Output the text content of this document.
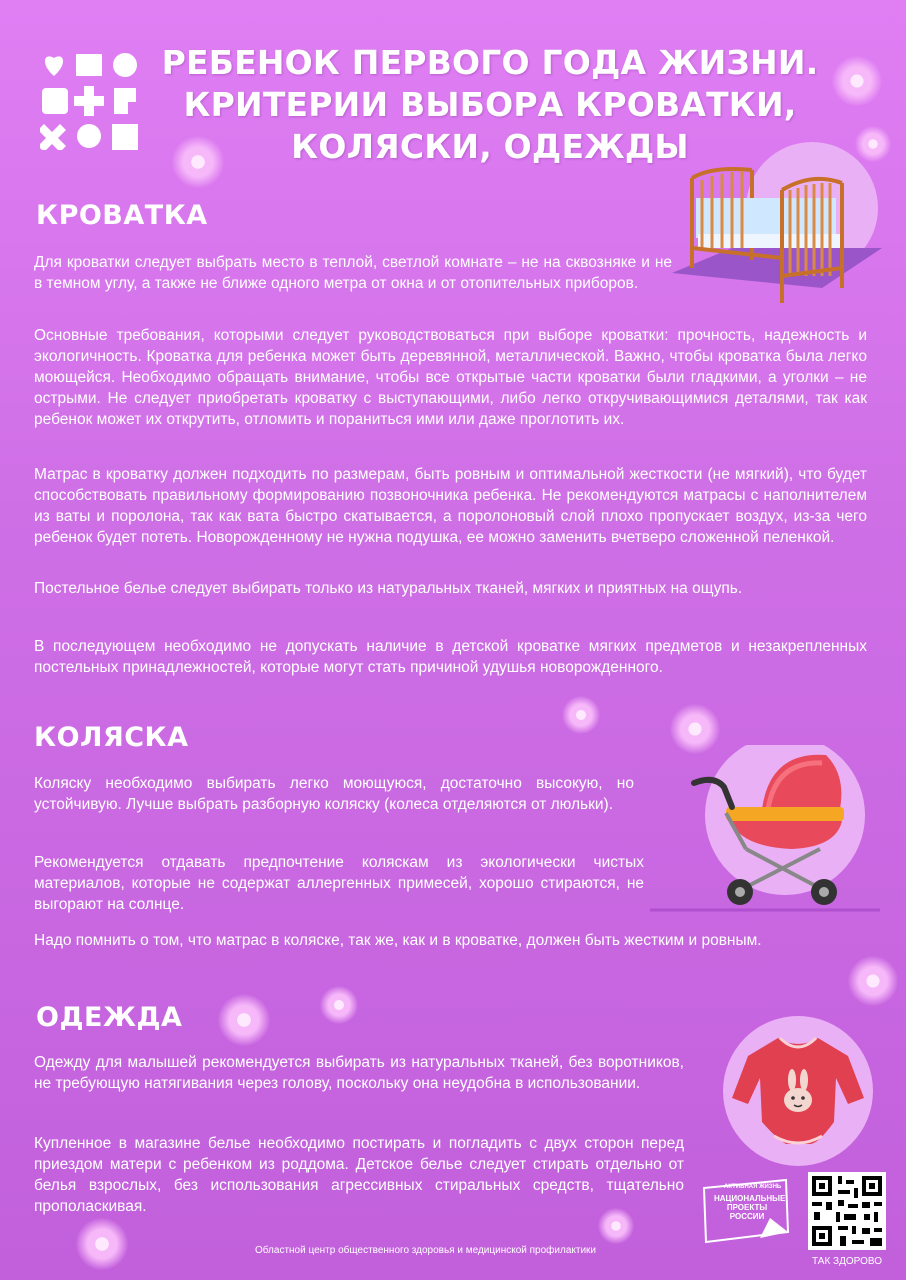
РЕБЕНОК ПЕРВОГО ГОДА ЖИЗНИ.
КРИТЕРИИ ВЫБОРА КРОВАТКИ,
КОЛЯСКИ, ОДЕЖДЫ
КРОВАТКА

Для кроватки следует выбрать место в теплой, светлой комнате – не на сквозняке и не в темном углу, а также не ближе одного метра от окна и от отопительных приборов.

Основные требования, которыми следует руководствоваться при выборе кроватки: прочность, надежность и экологичность. Кроватка для ребенка может быть деревянной, металлической. Важно, чтобы кроватка была легко моющейся. Необходимо обращать внимание, чтобы все открытые части кроватки были гладкими, а уголки – не острыми. Не следует приобретать кроватку с выступающими, либо легко откручивающимися деталями, так как ребенок может их открутить, отломить и пораниться ими или даже проглотить их.

Матрас в кроватку должен подходить по размерам, быть ровным и оптимальной жесткости (не мягкий), что будет способствовать правильному формированию позвоночника ребенка. Не рекомендуются матрасы с наполнителем из ваты и поролона, так как вата быстро скатывается, а поролоновый слой плохо пропускает воздух, из-за чего ребенок будет потеть. Новорожденному не нужна подушка, ее можно заменить вчетверо сложенной пеленкой.

Постельное белье следует выбирать только из натуральных тканей, мягких и приятных на ощупь.

В последующем необходимо не допускать наличие в детской кроватке мягких предметов и незакрепленных постельных принадлежностей, которые могут стать причиной удушья новорожденного.

КОЛЯСКА

Коляску необходимо выбирать легко моющуюся, достаточно высокую, но устойчивую. Лучше выбрать разборную коляску (колеса отделяются от люльки).

Рекомендуется отдавать предпочтение коляскам из экологически чистых материалов, которые не содержат аллергенных примесей, хорошо стираются, не выгорают на солнце.

Надо помнить о том, что матрас в коляске, так же, как и в кроватке, должен быть жестким и ровным.

ОДЕЖДА

Одежду для малышей рекомендуется выбирать из натуральных тканей, без воротников, не требующую натягивания через голову, поскольку она неудобна в использовании.

Купленное в магазине белье необходимо постирать и погладить с двух сторон перед приездом матери с ребенком из роддома. Детское белье следует стирать отдельно от белья взрослых, без использования агрессивных стиральных средств, тщательно прополаскивая.

АКТИВНАЯ ЖИЗНЬ
НАЦИОНАЛЬНЫЕ
ПРОЕКТЫ
РОССИИ
ТАК ЗДОРОВО
Областной центр общественного здоровья и медицинской профилактики
